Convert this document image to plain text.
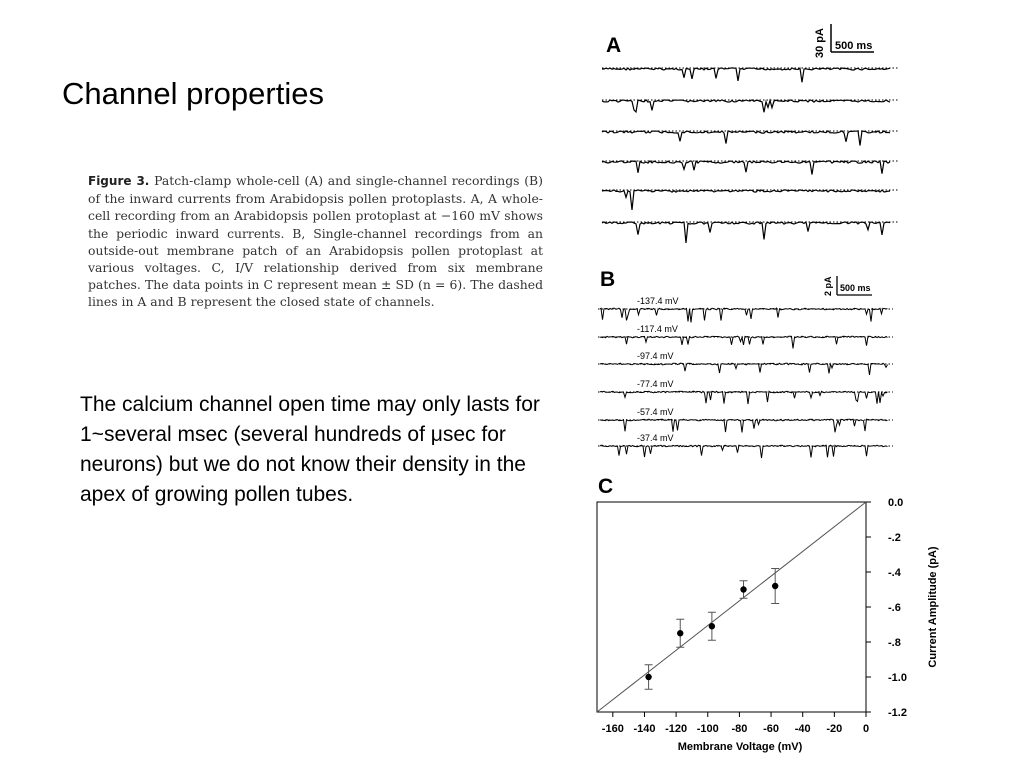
Channel properties
Figure 3. Patch-clamp whole-cell (A) and single-channel recordings (B) of the inward currents from Arabidopsis pollen protoplasts. A, A whole-cell recording from an Arabidopsis pollen protoplast at −160 mV shows the periodic inward currents. B, Single-channel recordings from an outside-out membrane patch of an Arabidopsis pollen protoplast at various voltages. C, I/V relationship derived from six membrane patches. The data points in C represent mean ± SD (n = 6). The dashed lines in A and B represent the closed state of channels.
The calcium channel open time may only lasts for 1~several msec (several hundreds of μsec for neurons) but we do not know their density in the apex of growing pollen tubes.
A	30 pA 500 ms
B	2 pA 500 ms
-137.4 mV
-117.4 mV
-97.4 mV
-77.4 mV
-57.4 mV
-37.4 mV
C
-160 -140 -120 -100 -80 -60 -40 -20 0
0.0
-.2
-.4
-.6
-.8
-1.0
-1.2
Membrane Voltage (mV)
Current Amplitude (pA)
